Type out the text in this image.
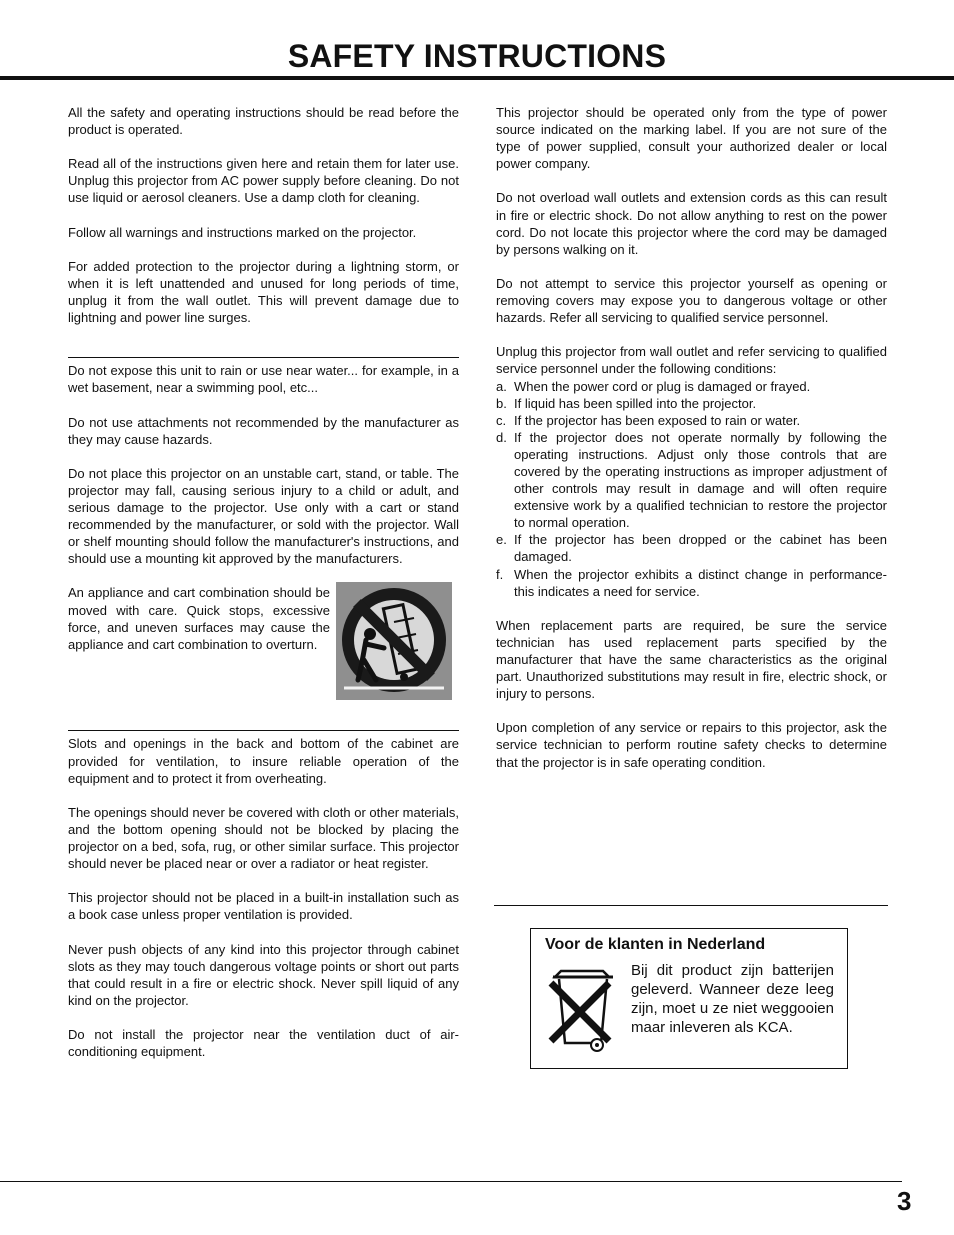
SAFETY INSTRUCTIONS

All the safety and operating instructions should be read before the product is operated.

Read all of the instructions given here and retain them for later use. Unplug this projector from AC power supply before cleaning. Do not use liquid or aerosol cleaners. Use a damp cloth for cleaning.

Follow all warnings and instructions marked on the projector.

For added protection to the projector during a lightning storm, or when it is left unattended and unused for long periods of time, unplug it from the wall outlet. This will prevent damage due to lightning and power line surges.

Do not expose this unit to rain or use near water... for example, in a wet basement, near a swimming pool, etc...

Do not use attachments not recommended by the manufacturer as they may cause hazards.

Do not place this projector on an unstable cart, stand, or table. The projector may fall, causing serious injury to a child or adult, and serious damage to the projector. Use only with a cart or stand recommended by the manufacturer, or sold with the projector. Wall or shelf mounting should follow the manufacturer's instructions, and should use a mounting kit approved by the manufacturers.

An appliance and cart combination should be moved with care. Quick stops, excessive force, and uneven surfaces may cause the appliance and cart combination to overturn.

Slots and openings in the back and bottom of the cabinet are provided for ventilation, to insure reliable operation of the equipment and to protect it from overheating.

The openings should never be covered with cloth or other materials, and the bottom opening should not be blocked by placing the projector on a bed, sofa, rug, or other similar surface. This projector should never be placed near or over a radiator or heat register.

This projector should not be placed in a built-in installation such as a book case unless proper ventilation is provided.

Never push objects of any kind into this projector through cabinet slots as they may touch dangerous voltage points or short out parts that could result in a fire or electric shock. Never spill liquid of any kind on the projector.

Do not install the projector near the ventilation duct of air-conditioning equipment.

This projector should be operated only from the type of power source indicated on the marking label. If you are not sure of the type of power supplied, consult your authorized dealer or local power company.

Do not overload wall outlets and extension cords as this can result in fire or electric shock. Do not allow anything to rest on the power cord. Do not locate this projector where the cord may be damaged by persons walking on it.

Do not attempt to service this projector yourself as opening or removing covers may expose you to dangerous voltage or other hazards. Refer all servicing to qualified service personnel.

Unplug this projector from wall outlet and refer servicing to qualified service personnel under the following conditions:

a. When the power cord or plug is damaged or frayed.
b. If liquid has been spilled into the projector.
c. If the projector has been exposed to rain or water.
d. If the projector does not operate normally by following the operating instructions. Adjust only those controls that are covered by the operating instructions as improper adjustment of other controls may result in damage and will often require extensive work by a qualified technician to restore the projector to normal operation.
e. If the projector has been dropped or the cabinet has been damaged.
f. When the projector exhibits a distinct change in performance-this indicates a need for service.

When replacement parts are required, be sure the service technician has used replacement parts specified by the manufacturer that have the same characteristics as the original part. Unauthorized substitutions may result in fire, electric shock, or injury to persons.

Upon completion of any service or repairs to this projector, ask the service technician to perform routine safety checks to determine that the projector is in safe operating condition.

Voor de klanten in Nederland
Bij dit product zijn batterijen geleverd. Wanneer deze leeg zijn, moet u ze niet weggooien maar inleveren als KCA.
3
